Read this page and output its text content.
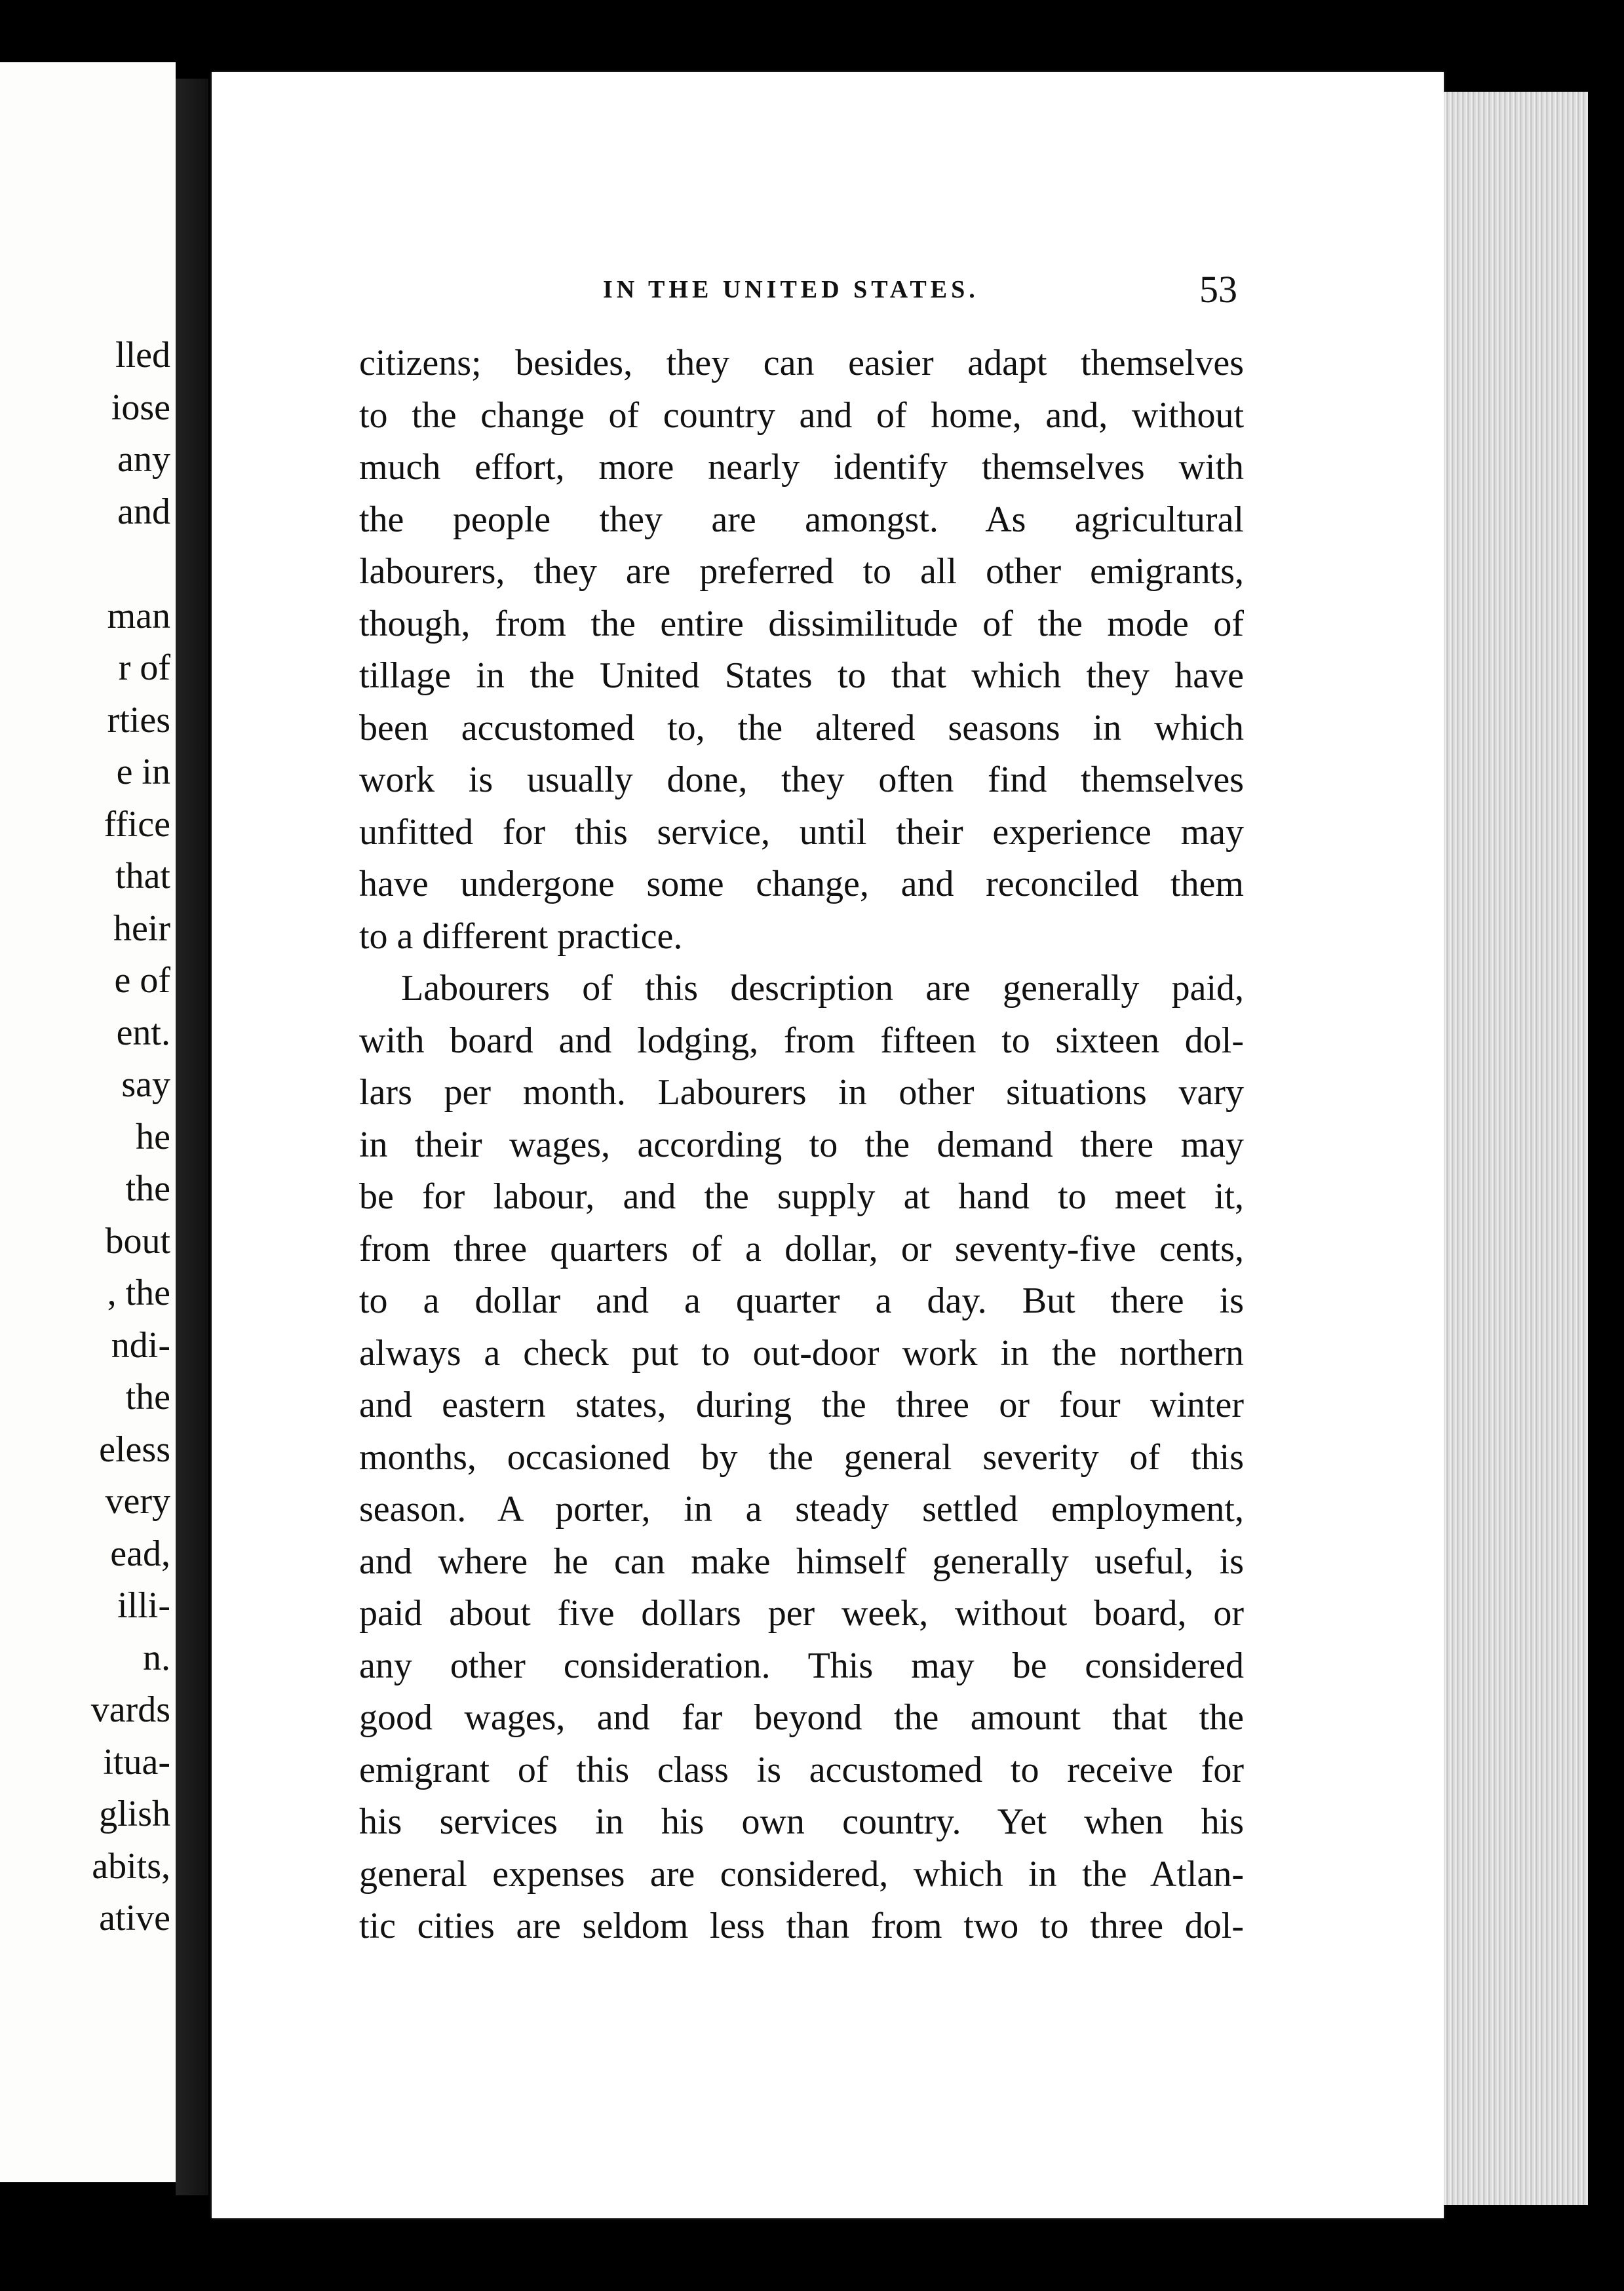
lled
iose
any
and
man
r of
rties
e in
ffice
that
heir
e of
ent.
say
he
the
bout
, the
ndi-
the
eless
very
ead,
illi-
n.
vards
itua-
glish
abits,
ative
IN THE UNITED STATES.	53
citizens; besides, they can easier adapt themselves
to the change of country and of home, and, without
much effort, more nearly identify themselves with
the people they are amongst. As agricultural
labourers, they are preferred to all other emigrants,
though, from the entire dissimilitude of the mode of
tillage in the United States to that which they have
been accustomed to, the altered seasons in which
work is usually done, they often find themselves
unfitted for this service, until their experience may
have undergone some change, and reconciled them
to a different practice.
Labourers of this description are generally paid,
with board and lodging, from fifteen to sixteen dol-
lars per month. Labourers in other situations vary
in their wages, according to the demand there may
be for labour, and the supply at hand to meet it,
from three quarters of a dollar, or seventy-five cents,
to a dollar and a quarter a day. But there is
always a check put to out-door work in the northern
and eastern states, during the three or four winter
months, occasioned by the general severity of this
season. A porter, in a steady settled employment,
and where he can make himself generally useful, is
paid about five dollars per week, without board, or
any other consideration. This may be considered
good wages, and far beyond the amount that the
emigrant of this class is accustomed to receive for
his services in his own country. Yet when his
general expenses are considered, which in the Atlan-
tic cities are seldom less than from two to three dol-
